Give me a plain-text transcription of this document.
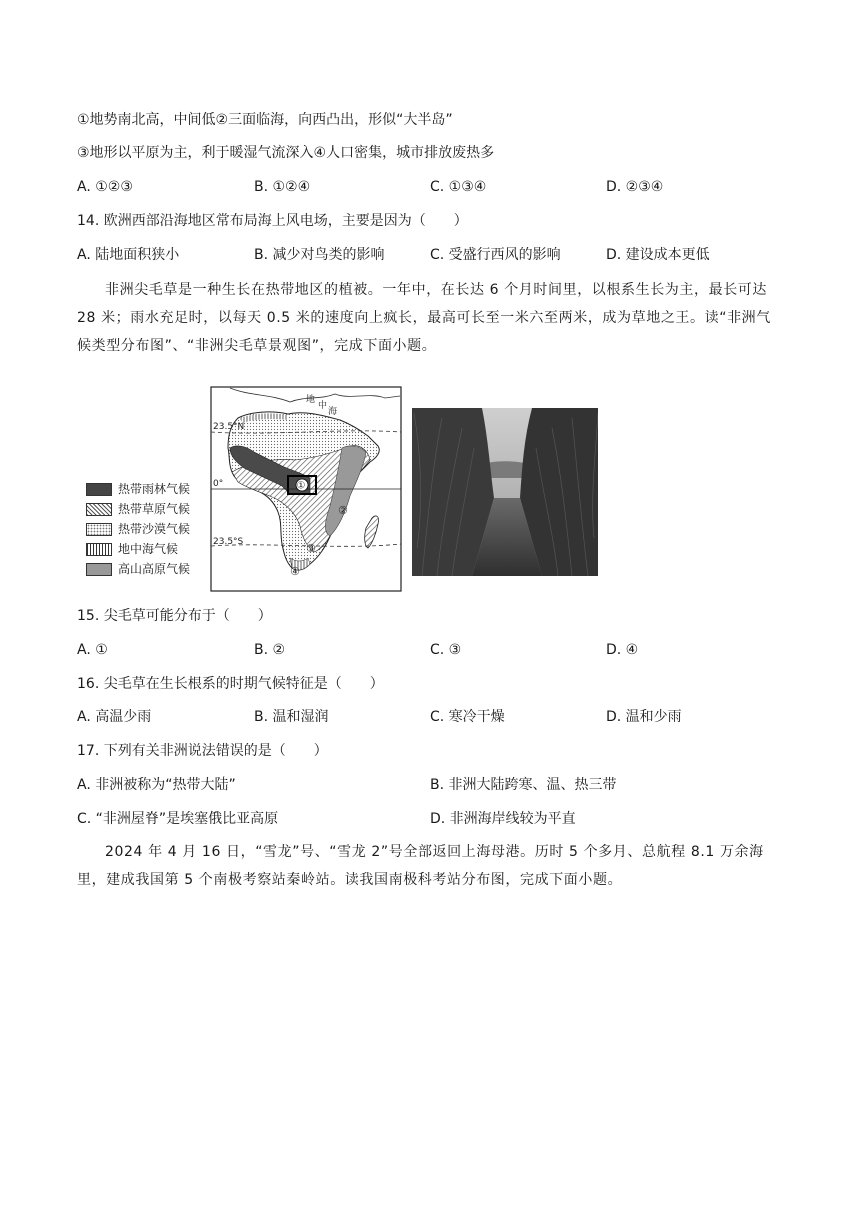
①地势南北高，中间低②三面临海，向西凸出，形似“大半岛”
③地形以平原为主，利于暖湿气流深入④人口密集，城市排放废热多
A. ①②③	B. ①②④	C. ①③④	D. ②③④
14. 欧洲西部沿海地区常布局海上风电场，主要是因为（　　）
A. 陆地面积狭小	B. 减少对鸟类的影响	C. 受盛行西风的影响	D. 建设成本更低
非洲尖毛草是一种生长在热带地区的植被。一年中，在长达 6 个月时间里，以根系生长为主，最长可达 28 米；雨水充足时，以每天 0.5 米的速度向上疯长，最高可长至一米六至两米，成为草地之王。读“非洲气候类型分布图”、“非洲尖毛草景观图”，完成下面小题。
热带雨林气候
热带草原气候
热带沙漠气候
地中海气候
高山高原气候
23.5°N
0°
23.5°S
地
中
海
①
②
③
④
15. 尖毛草可能分布于（　　）
A. ①	B. ②	C. ③	D. ④
16. 尖毛草在生长根系的时期气候特征是（　　）
A. 高温少雨	B. 温和湿润	C. 寒冷干燥	D. 温和少雨
17. 下列有关非洲说法错误的是（　　）
A. 非洲被称为“热带大陆”	B. 非洲大陆跨寒、温、热三带
C. “非洲屋脊”是埃塞俄比亚高原	D. 非洲海岸线较为平直
2024 年 4 月 16 日，“雪龙”号、“雪龙 2”号全部返回上海母港。历时 5 个多月、总航程 8.1 万余海里，建成我国第 5 个南极考察站秦岭站。读我国南极科考站分布图，完成下面小题。
